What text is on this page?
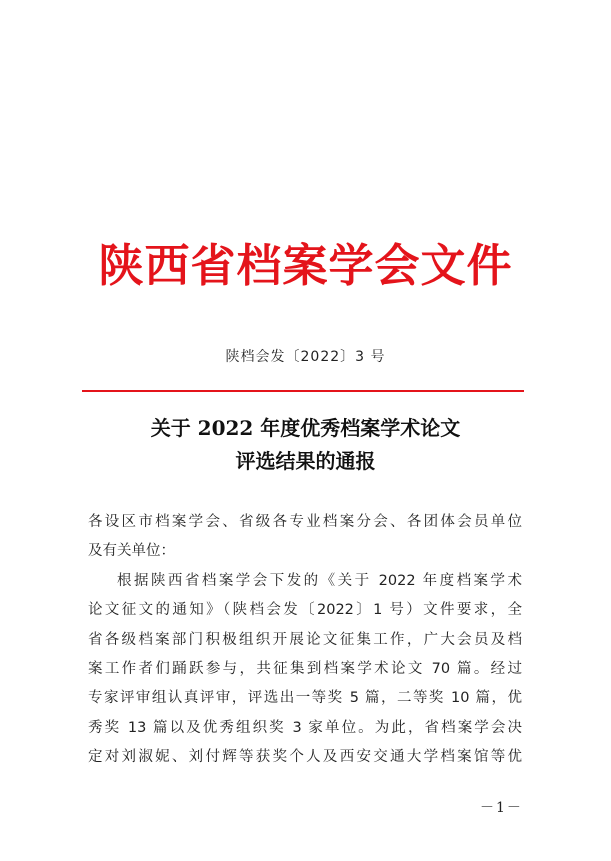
陕西省档案学会文件
陕档会发〔2022〕3 号
关于 2022 年度优秀档案学术论文
评选结果的通报
各设区市档案学会、省级各专业档案分会、各团体会员单位
及有关单位：
根据陕西省档案学会下发的《关于 2022 年度档案学术
论文征文的通知》（陕档会发〔2022〕1 号）文件要求，全
省各级档案部门积极组织开展论文征集工作，广大会员及档
案工作者们踊跃参与，共征集到档案学术论文 70 篇。经过
专家评审组认真评审，评选出一等奖 5 篇，二等奖 10 篇，优
秀奖 13 篇以及优秀组织奖 3 家单位。为此，省档案学会决
定对刘淑妮、刘付辉等获奖个人及西安交通大学档案馆等优
－1－
